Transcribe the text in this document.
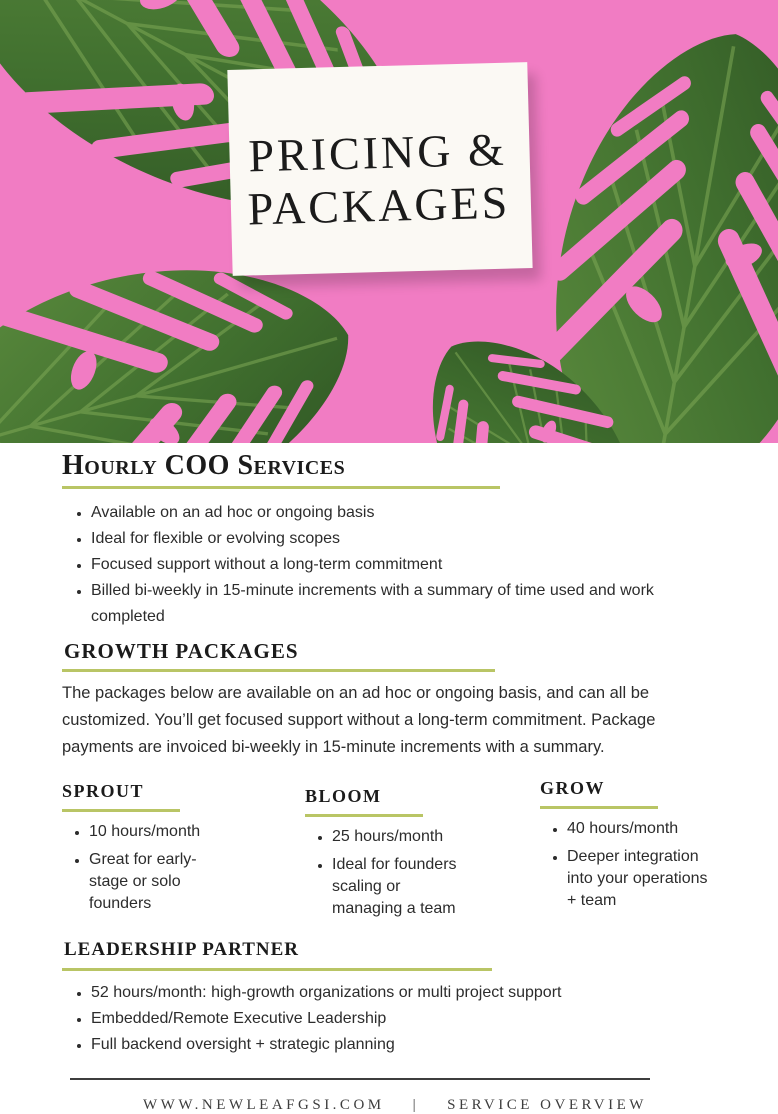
PRICING &
PACKAGES
Hourly COO Services
• Available on an ad hoc or ongoing basis
• Ideal for flexible or evolving scopes
• Focused support without a long-term commitment
• Billed bi-weekly in 15-minute increments with a summary of time used and work completed
GROWTH PACKAGES

The packages below are available on an ad hoc or ongoing basis, and can all be customized. You’ll get focused support without a long-term commitment. Package payments are invoiced bi-weekly in 15-minute increments with a summary.

SPROUT
• 10 hours/month
• Great for early-stage or solo founders
BLOOM
• 25 hours/month
• Ideal for founders scaling or managing a team
GROW
• 40 hours/month
• Deeper integration into your operations + team
LEADERSHIP PARTNER
• 52 hours/month: high-growth organizations or multi project support
• Embedded/Remote Executive Leadership
• Full backend oversight + strategic planning
WWW.NEWLEAFGSI.COM | SERVICE OVERVIEW
